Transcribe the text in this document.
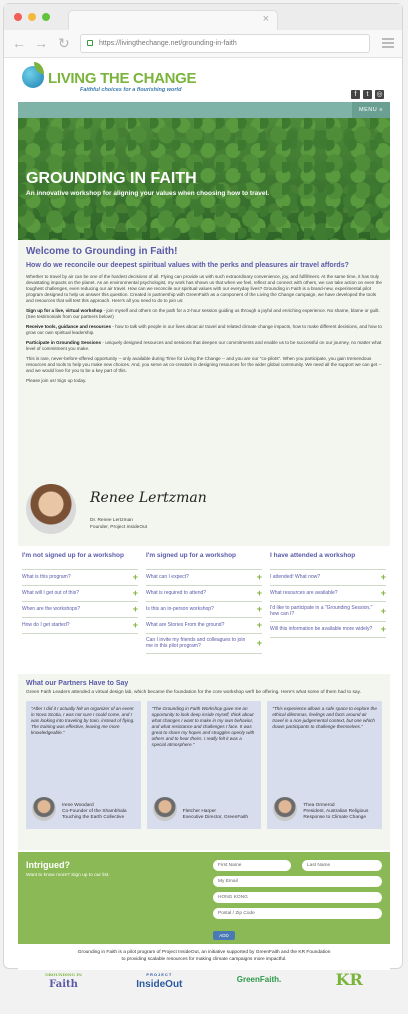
×
← → ↻	https://livingthechange.net/grounding-in-faith
LIVING THE CHANGE
Faithful choices for a flourishing world
f	t	◎
MENU ≡
GROUNDING IN FAITH
An innovative workshop for aligning your values when choosing how to travel.
Welcome to Grounding in Faith!
How do we reconcile our deepest spiritual values with the perks and pleasures air travel affords?

Whether to travel by air can be one of the hardest decisions of all. Flying can provide us with such extraordinary convenience, joy, and fulfillment. At the same time, it has truly devastating impacts on the planet. As an environmental psychologist, my work has shown us that when we feel, reflect and connect with others, we can take action on even the toughest challenges, even reducing our air travel. How can we reconcile our spiritual values with our everyday lives? Grounding in Faith is a brand-new, experimental pilot program designed to help us answer this question. Created in partnership with GreenFaith as a component of the Living the Change campaign, we have developed the tools and resources that will test this approach. Here's all you need to do to join us:

Sign up for a live, virtual workshop - join myself and others on the path for a 2-hour session guiding us through a joyful and enriching experience. No shame, blame or guilt. (See testimonials from our partners below!)

Receive tools, guidance and resources - how to talk with people in our lives about air travel and related climate change impacts, how to make different decisions, and how to grow our own spiritual leadership.

Participate in Grounding Sessions - uniquely designed resources and sessions that deepen our commitments and enable us to be successful on our journey, no matter what level of commitment you make.

This is rare, never-before-offered opportunity -- only available during Time for Living the Change -- and you are our "co-pilots". When you participate, you gain tremendous resources and tools to help you make new choices. And, you serve as co-creators in designing resources for the wider global community. We need all the support we can get -- and we would love for you to be a key part of this.

Please join us! Sign up today.

Renee Lertzman
Dr. Renee Lertzman
Founder, Project InsideOut
I'm not signed up for a workshop
What is this program?	+
What will I get out of this?	+
When are the workshops?	+
How do I get started?	+
I'm signed up for a workshop
What can I expect?	+
What is required to attend?	+
Is this an in-person workshop?	+
What are Stories From the ground?	+
Can I invite my friends and colleagues to join me in this pilot program?	+
I have attended a workshop
I attended! What now?	+
What resources are available?	+
I'd like to participate in a "Grounding Session," how can I?	+
Will this information be available more widely? +
What our Partners Have to Say
Green Faith Leaders attended a virtual design lab, which became the foundation for the core workshop we'll be offering. Here's what some of them had to say.
"After I did it I actually felt an organizer of an event in Nova Scotia, I was not sure I could come, and I was looking into traveling by train, instead of flying. The training was effective, leaving me more knowledgeable."
Irene Woodard
Co-Founder of the Shambhala Touching the Earth Collective
"The Grounding in Faith Workshop gave me an opportunity to look deep inside myself, think about what changes I want to make in my own behavior, and what resistance and challenges I face. It was great to share my hopes and struggles openly with others and to hear theirs. I really felt it was a special atmosphere."
Fletcher Harper
Executive Director, GreenFaith
"This experience allows a safe space to explore the ethical dilemmas, feelings and facts around air travel in a non-judgemental context, but one which draws participants to challenge themselves."
Thea Ormerod
President, Australian Religious Response to Climate Change
Intrigued?
Want to know more? Sign up to our list.
First Name	Last Name
My Email
HONG KONG
Postal / Zip Code
ADD
Grounding in Faith is a pilot program of Project InsideOut, an initiative supported by GreenFaith and the KR Foundation
to providing scalable resources for making climate campaigns more impactful.
GROUNDING IN
Faith
PROJECT
InsideOut	GreenFaith.	KR
